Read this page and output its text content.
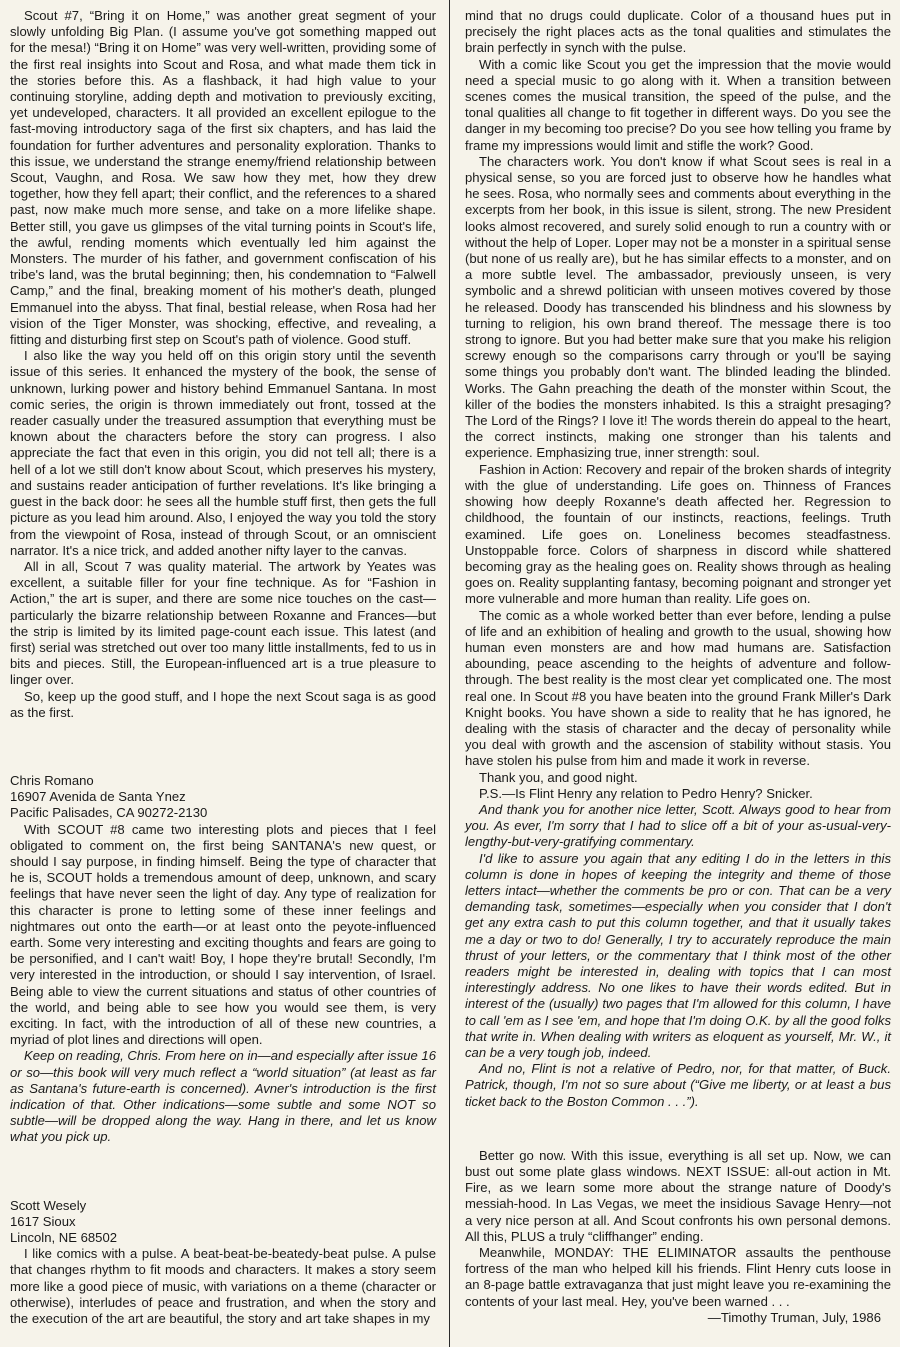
Scout #7, “Bring it on Home,” was another great segment of your slowly unfolding Big Plan. (I assume you've got something mapped out for the mesa!) “Bring it on Home” was very well-written, providing some of the first real insights into Scout and Rosa, and what made them tick in the stories before this. As a flashback, it had high value to your continuing storyline, adding depth and motivation to previously exciting, yet undeveloped, characters. It all provided an excellent epilogue to the fast-moving introductory saga of the first six chapters, and has laid the foundation for further adventures and personality exploration. Thanks to this issue, we understand the strange enemy/friend relationship between Scout, Vaughn, and Rosa. We saw how they met, how they drew together, how they fell apart; their conflict, and the references to a shared past, now make much more sense, and take on a more lifelike shape. Better still, you gave us glimpses of the vital turning points in Scout's life, the awful, rending moments which eventually led him against the Monsters. The murder of his father, and government confiscation of his tribe's land, was the brutal beginning; then, his condemnation to “Falwell Camp,” and the final, breaking moment of his mother's death, plunged Emmanuel into the abyss. That final, bestial release, when Rosa had her vision of the Tiger Monster, was shocking, effective, and revealing, a fitting and disturbing first step on Scout's path of violence. Good stuff.

I also like the way you held off on this origin story until the seventh issue of this series. It enhanced the mystery of the book, the sense of unknown, lurking power and history behind Emmanuel Santana. In most comic series, the origin is thrown immediately out front, tossed at the reader casually under the treasured assumption that everything must be known about the characters before the story can progress. I also appreciate the fact that even in this origin, you did not tell all; there is a hell of a lot we still don't know about Scout, which preserves his mystery, and sustains reader anticipation of further revelations. It's like bringing a guest in the back door: he sees all the humble stuff first, then gets the full picture as you lead him around. Also, I enjoyed the way you told the story from the viewpoint of Rosa, instead of through Scout, or an omniscient narrator. It's a nice trick, and added another nifty layer to the canvas.

All in all, Scout 7 was quality material. The artwork by Yeates was excellent, a suitable filler for your fine technique. As for “Fashion in Action,” the art is super, and there are some nice touches on the cast—particularly the bizarre relationship between Roxanne and Frances—but the strip is limited by its limited page-count each issue. This latest (and first) serial was stretched out over too many little installments, fed to us in bits and pieces. Still, the European-influenced art is a true pleasure to linger over.

So, keep up the good stuff, and I hope the next Scout saga is as good as the first.

Chris Romano

16907 Avenida de Santa Ynez

Pacific Palisades, CA 90272-2130

With SCOUT #8 came two interesting plots and pieces that I feel obligated to comment on, the first being SANTANA's new quest, or should I say purpose, in finding himself. Being the type of character that he is, SCOUT holds a tremendous amount of deep, unknown, and scary feelings that have never seen the light of day. Any type of realization for this character is prone to letting some of these inner feelings and nightmares out onto the earth—or at least onto the peyote-influenced earth. Some very interesting and exciting thoughts and fears are going to be personified, and I can't wait! Boy, I hope they're brutal! Secondly, I'm very interested in the introduction, or should I say intervention, of Israel. Being able to view the current situations and status of other countries of the world, and being able to see how you would see them, is very exciting. In fact, with the introduction of all of these new countries, a myriad of plot lines and directions will open.

Keep on reading, Chris. From here on in—and especially after issue 16 or so—this book will very much reflect a “world situation” (at least as far as Santana's future-earth is concerned). Avner's introduction is the first indication of that. Other indications—some subtle and some NOT so subtle—will be dropped along the way. Hang in there, and let us know what you pick up.

Scott Wesely

1617 Sioux

Lincoln, NE 68502

I like comics with a pulse. A beat-beat-be-beatedy-beat pulse. A pulse that changes rhythm to fit moods and characters. It makes a story seem more like a good piece of music, with variations on a theme (character or otherwise), interludes of peace and frustration, and when the story and the execution of the art are beautiful, the story and art take shapes in my

mind that no drugs could duplicate. Color of a thousand hues put in precisely the right places acts as the tonal qualities and stimulates the brain perfectly in synch with the pulse.

With a comic like Scout you get the impression that the movie would need a special music to go along with it. When a transition between scenes comes the musical transition, the speed of the pulse, and the tonal qualities all change to fit together in different ways. Do you see the danger in my becoming too precise? Do you see how telling you frame by frame my impressions would limit and stifle the work? Good.

The characters work. You don't know if what Scout sees is real in a physical sense, so you are forced just to observe how he handles what he sees. Rosa, who normally sees and comments about everything in the excerpts from her book, in this issue is silent, strong. The new President looks almost recovered, and surely solid enough to run a country with or without the help of Loper. Loper may not be a monster in a spiritual sense (but none of us really are), but he has similar effects to a monster, and on a more subtle level. The ambassador, previously unseen, is very symbolic and a shrewd politician with unseen motives covered by those he released. Doody has transcended his blindness and his slowness by turning to religion, his own brand thereof. The message there is too strong to ignore. But you had better make sure that you make his religion screwy enough so the comparisons carry through or you'll be saying some things you probably don't want. The blinded leading the blinded. Works. The Gahn preaching the death of the monster within Scout, the killer of the bodies the monsters inhabited. Is this a straight presaging? The Lord of the Rings? I love it! The words therein do appeal to the heart, the correct instincts, making one stronger than his talents and experience. Emphasizing true, inner strength: soul.

Fashion in Action: Recovery and repair of the broken shards of integrity with the glue of understanding. Life goes on. Thinness of Frances showing how deeply Roxanne's death affected her. Regression to childhood, the fountain of our instincts, reactions, feelings. Truth examined. Life goes on. Loneliness becomes steadfastness. Unstoppable force. Colors of sharpness in discord while shattered becoming gray as the healing goes on. Reality shows through as healing goes on. Reality supplanting fantasy, becoming poignant and stronger yet more vulnerable and more human than reality. Life goes on.

The comic as a whole worked better than ever before, lending a pulse of life and an exhibition of healing and growth to the usual, showing how human even monsters are and how mad humans are. Satisfaction abounding, peace ascending to the heights of adventure and follow-through. The best reality is the most clear yet complicated one. The most real one. In Scout #8 you have beaten into the ground Frank Miller's Dark Knight books. You have shown a side to reality that he has ignored, he dealing with the stasis of character and the decay of personality while you deal with growth and the ascension of stability without stasis. You have stolen his pulse from him and made it work in reverse.

Thank you, and good night.

P.S.—Is Flint Henry any relation to Pedro Henry? Snicker.

And thank you for another nice letter, Scott. Always good to hear from you. As ever, I'm sorry that I had to slice off a bit of your as-usual-very-lengthy-but-very-gratifying commentary.

I'd like to assure you again that any editing I do in the letters in this column is done in hopes of keeping the integrity and theme of those letters intact—whether the comments be pro or con. That can be a very demanding task, sometimes—especially when you consider that I don't get any extra cash to put this column together, and that it usually takes me a day or two to do! Generally, I try to accurately reproduce the main thrust of your letters, or the commentary that I think most of the other readers might be interested in, dealing with topics that I can most interestingly address. No one likes to have their words edited. But in interest of the (usually) two pages that I'm allowed for this column, I have to call 'em as I see 'em, and hope that I'm doing O.K. by all the good folks that write in. When dealing with writers as eloquent as yourself, Mr. W., it can be a very tough job, indeed.

And no, Flint is not a relative of Pedro, nor, for that matter, of Buck. Patrick, though, I'm not so sure about (“Give me liberty, or at least a bus ticket back to the Boston Common . . .”).

Better go now. With this issue, everything is all set up. Now, we can bust out some plate glass windows. NEXT ISSUE: all-out action in Mt. Fire, as we learn some more about the strange nature of Doody's messiah-hood. In Las Vegas, we meet the insidious Savage Henry—not a very nice person at all. And Scout confronts his own personal demons. All this, PLUS a truly “cliffhanger” ending.

Meanwhile, MONDAY: THE ELIMINATOR assaults the penthouse fortress of the man who helped kill his friends. Flint Henry cuts loose in an 8-page battle extravaganza that just might leave you re-examining the contents of your last meal. Hey, you've been warned . . .

—Timothy Truman, July, 1986
